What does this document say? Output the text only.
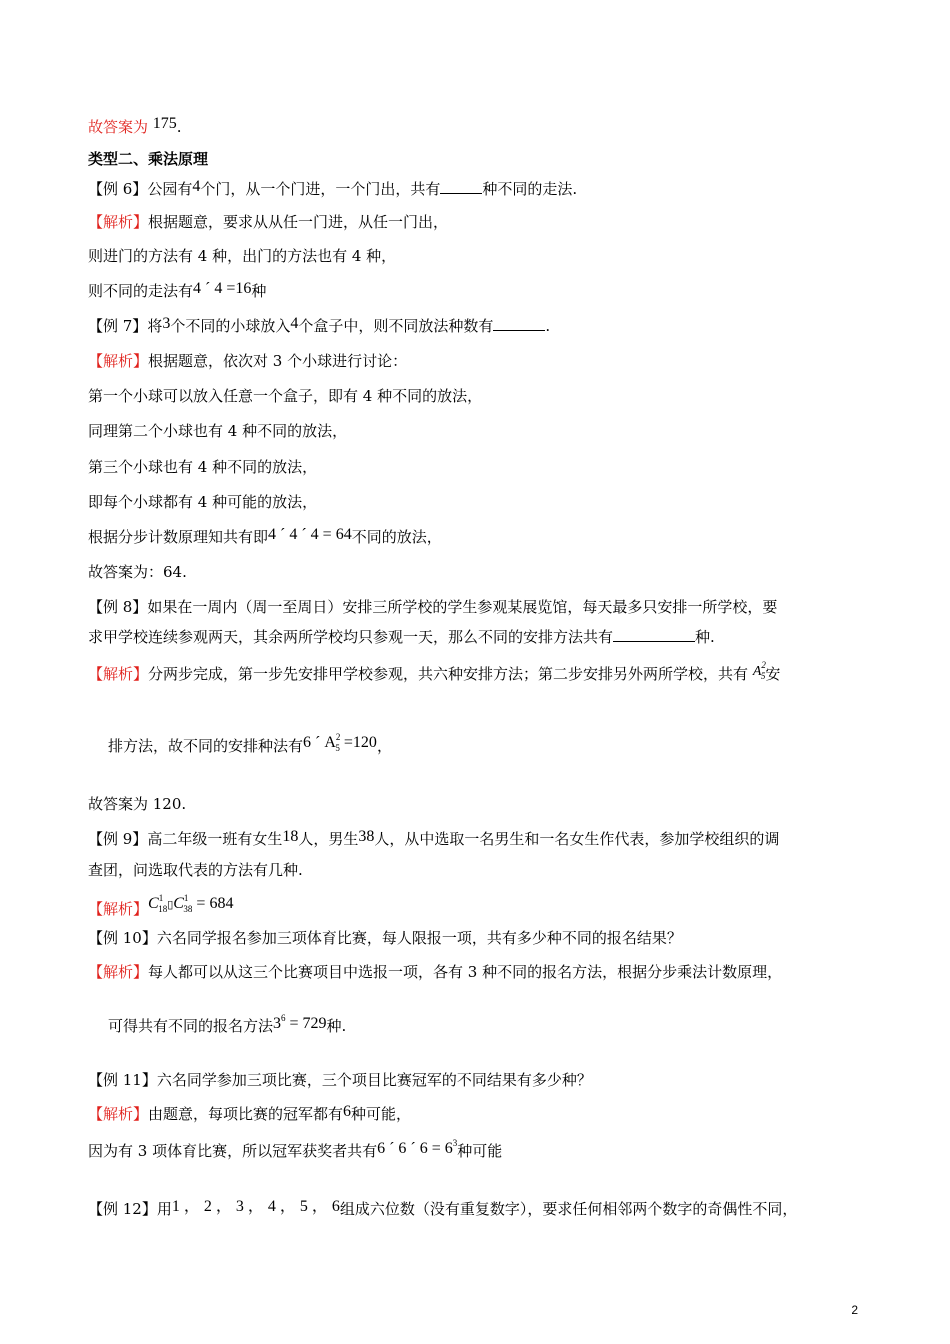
故答案为 175.
类型二、乘法原理
【例 6】公园有4个门，从一个门进，一个门出，共有	种不同的走法.
【解析】根据题意，要求从从任一门进，从任一门出，
则进门的方法有 4 种，出门的方法也有 4 种，
则不同的走法有4 ´ 4 =16种
【例 7】将3个不同的小球放入4个盒子中，则不同放法种数有	.
【解析】根据题意，依次对 3 个小球进行讨论：
第一个小球可以放入任意一个盒子，即有 4 种不同的放法，
同理第二个小球也有 4 种不同的放法，
第三个小球也有 4 种不同的放法，
即每个小球都有 4 种可能的放法，
根据分步计数原理知共有即4 ´ 4 ´ 4 = 64不同的放法，
故答案为：64.
【例 8】如果在一周内（周一至周日）安排三所学校的学生参观某展览馆，每天最多只安排一所学校，要
求甲学校连续参观两天，其余两所学校均只参观一天，那么不同的安排方法共有	种.
【解析】分两步完成，第一步先安排甲学校参观，共六种安排方法；第二步安排另外两所学校，共有 $A^2_5$安
排方法，故不同的安排种法有6 ´ $A^2_5 =120$，
故答案为 120.
【例 9】高二年级一班有女生18人，男生38人，从中选取一名男生和一名女生作代表，参加学校组织的调
查团，问选取代表的方法有几种.
【解析】$C^1_{18}▯C^1_{38} = 684$
【例 10】六名同学报名参加三项体育比赛，每人限报一项，共有多少种不同的报名结果？
【解析】每人都可以从这三个比赛项目中选报一项，各有 3 种不同的报名方法，根据分步乘法计数原理，
可得共有不同的报名方法$3^6 = 729$种.
【例 11】六名同学参加三项比赛，三个项目比赛冠军的不同结果有多少种？
【解析】由题意，每项比赛的冠军都有6种可能，
因为有 3 项体育比赛，所以冠军获奖者共有6 ´ 6 ´ $6 = 6^3$种可能
【例 12】用1 ， 2 ， 3 ， 4 ， 5 ， 6组成六位数（没有重复数字），要求任何相邻两个数字的奇偶性不同，
2
